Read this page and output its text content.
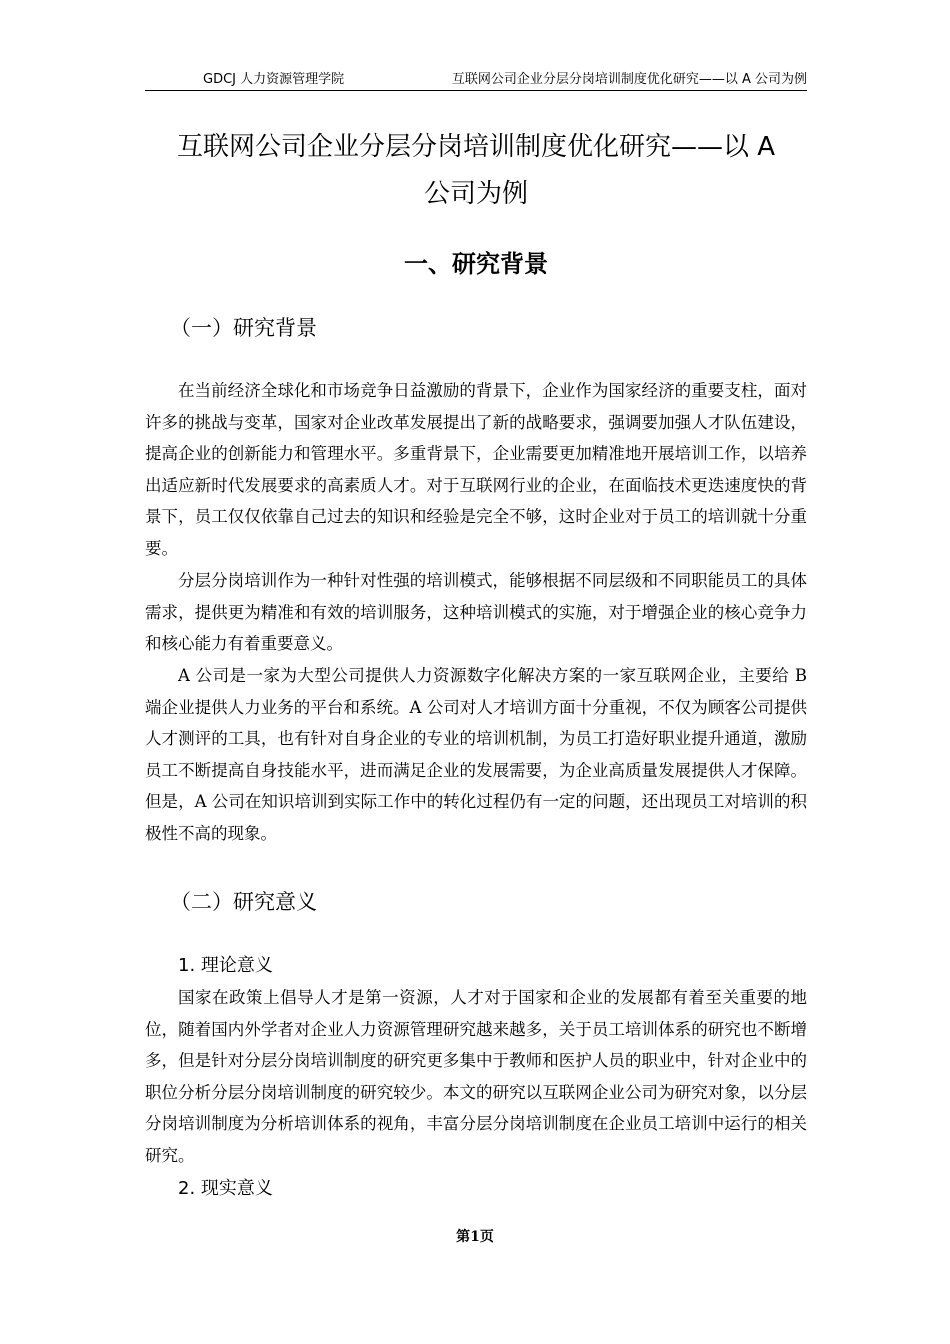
GDCJ 人力资源管理学院	互联网公司企业分层分岗培训制度优化研究——以 A 公司为例
互联网公司企业分层分岗培训制度优化研究——以 A
公司为例
一、研究背景
（一）研究背景

在当前经济全球化和市场竞争日益激励的背景下，企业作为国家经济的重要支柱，面对许多的挑战与变革，国家对企业改革发展提出了新的战略要求，强调要加强人才队伍建设，提高企业的创新能力和管理水平。多重背景下，企业需要更加精准地开展培训工作，以培养出适应新时代发展要求的高素质人才。对于互联网行业的企业，在面临技术更迭速度快的背景下，员工仅仅依靠自己过去的知识和经验是完全不够，这时企业对于员工的培训就十分重要。

分层分岗培训作为一种针对性强的培训模式，能够根据不同层级和不同职能员工的具体需求，提供更为精准和有效的培训服务，这种培训模式的实施，对于增强企业的核心竞争力和核心能力有着重要意义。

A 公司是一家为大型公司提供人力资源数字化解决方案的一家互联网企业，主要给 B 端企业提供人力业务的平台和系统。A 公司对人才培训方面十分重视，不仅为顾客公司提供人才测评的工具，也有针对自身企业的专业的培训机制，为员工打造好职业提升通道，激励员工不断提高自身技能水平，进而满足企业的发展需要，为企业高质量发展提供人才保障。但是，A 公司在知识培训到实际工作中的转化过程仍有一定的问题，还出现员工对培训的积极性不高的现象。

（二）研究意义
1. 理论意义

国家在政策上倡导人才是第一资源，人才对于国家和企业的发展都有着至关重要的地位，随着国内外学者对企业人力资源管理研究越来越多，关于员工培训体系的研究也不断增多，但是针对分层分岗培训制度的研究更多集中于教师和医护人员的职业中，针对企业中的职位分析分层分岗培训制度的研究较少。本文的研究以互联网企业公司为研究对象，以分层分岗培训制度为分析培训体系的视角，丰富分层分岗培训制度在企业员工培训中运行的相关研究。

2. 现实意义
第1页
